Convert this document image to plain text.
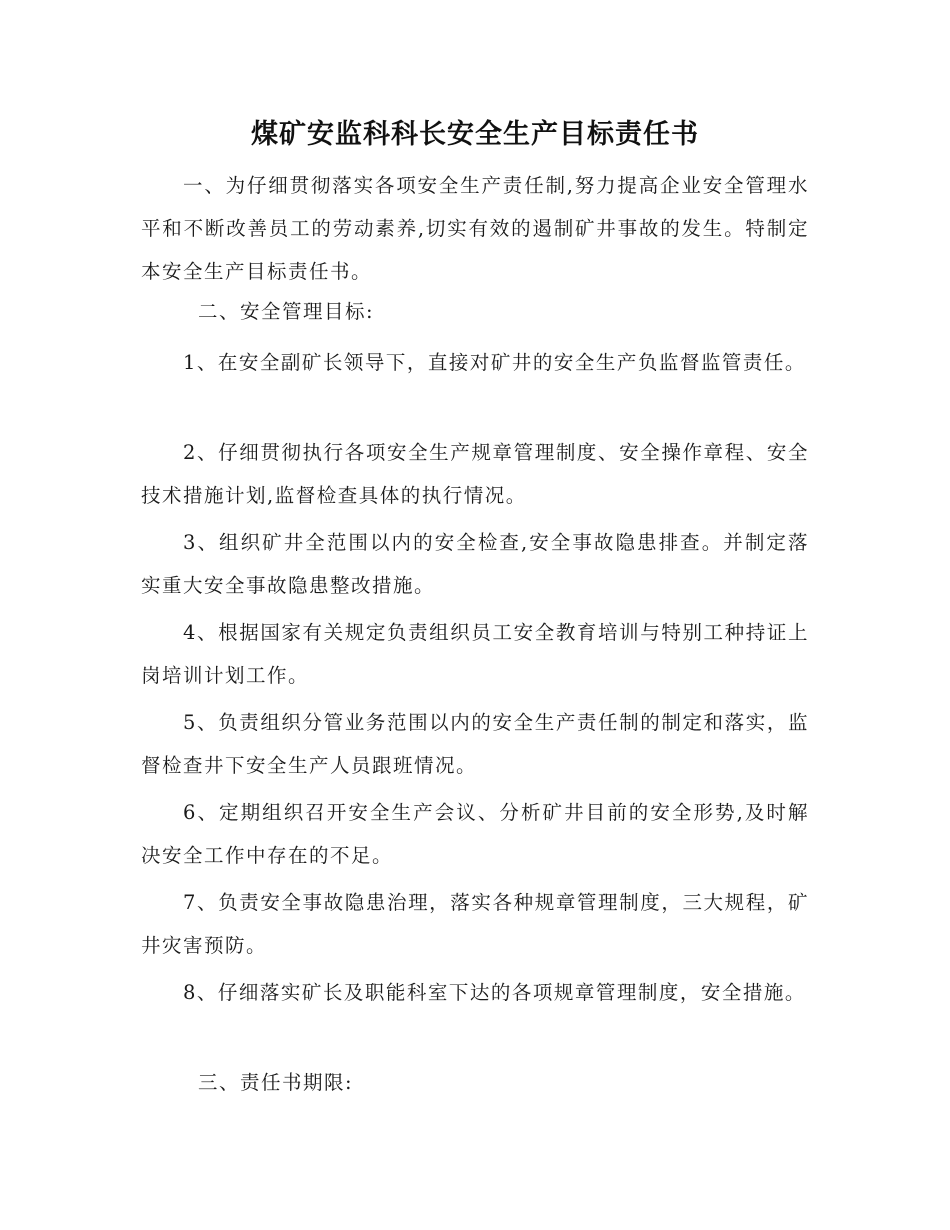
煤矿安监科科长安全生产目标责任书

一、为仔细贯彻落实各项安全生产责任制,努力提高企业安全管理水平和不断改善员工的劳动素养,切实有效的遏制矿井事故的发生。特制定本安全生产目标责任书。

二、安全管理目标:

1、在安全副矿长领导下，直接对矿井的安全生产负监督监管责任。

2、仔细贯彻执行各项安全生产规章管理制度、安全操作章程、安全技术措施计划,监督检查具体的执行情况。

3、组织矿井全范围以内的安全检查,安全事故隐患排查。并制定落实重大安全事故隐患整改措施。

4、根据国家有关规定负责组织员工安全教育培训与特别工种持证上岗培训计划工作。

5、负责组织分管业务范围以内的安全生产责任制的制定和落实，监督检查井下安全生产人员跟班情况。

6、定期组织召开安全生产会议、分析矿井目前的安全形势,及时解决安全工作中存在的不足。

7、负责安全事故隐患治理，落实各种规章管理制度，三大规程，矿井灾害预防。

8、仔细落实矿长及职能科室下达的各项规章管理制度，安全措施。

三、责任书期限:
